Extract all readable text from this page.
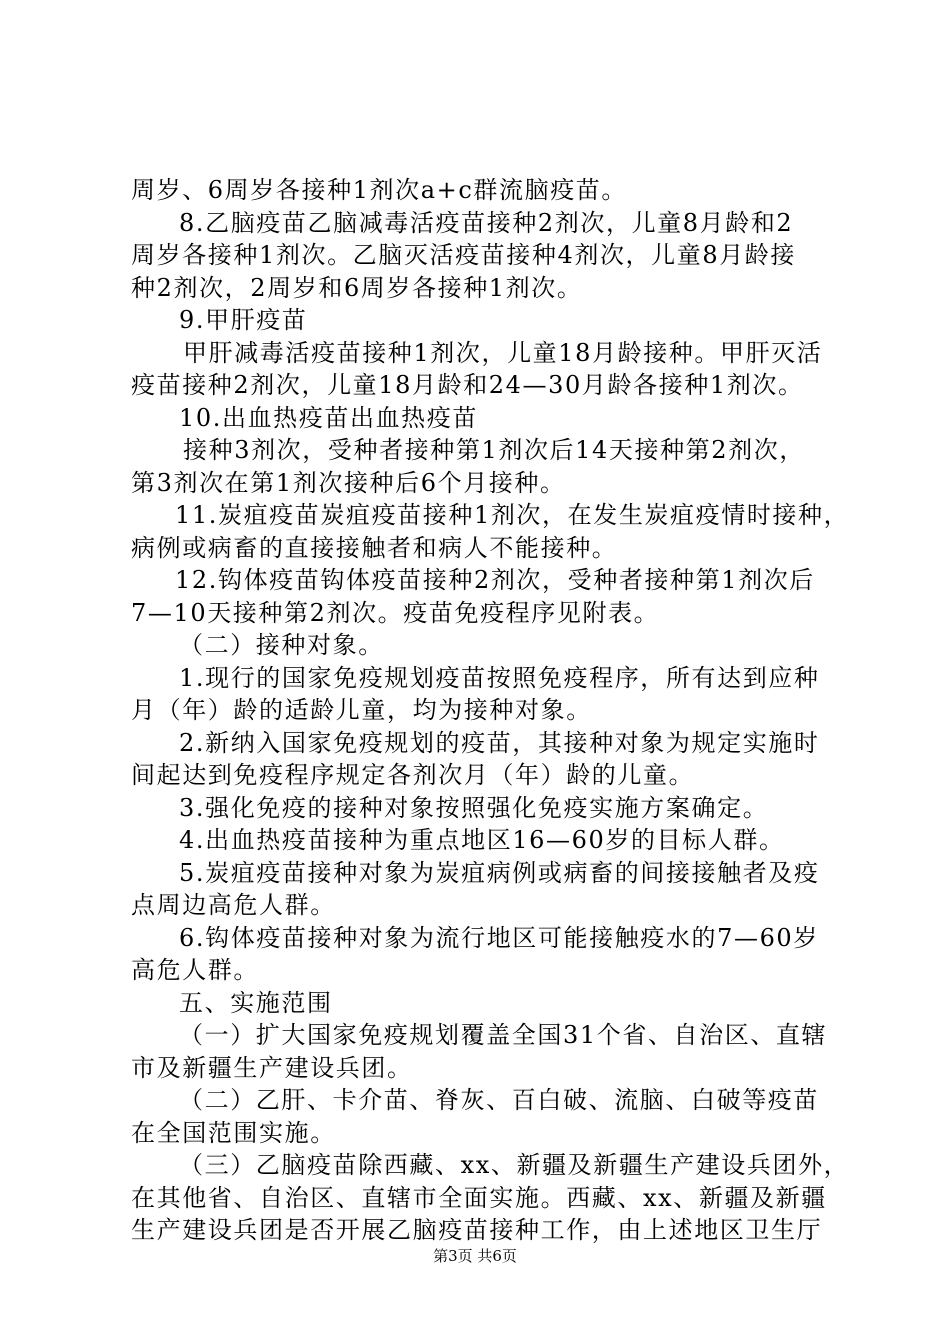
周岁、6周岁各接种1剂次a+c群流脑疫苗。
8.乙脑疫苗乙脑减毒活疫苗接种2剂次，儿童8月龄和2
周岁各接种1剂次。乙脑灭活疫苗接种4剂次，儿童8月龄接
种2剂次，2周岁和6周岁各接种1剂次。
9.甲肝疫苗
甲肝减毒活疫苗接种1剂次，儿童18月龄接种。甲肝灭活
疫苗接种2剂次，儿童18月龄和24—30月龄各接种1剂次。
10.出血热疫苗出血热疫苗
接种3剂次，受种者接种第1剂次后14天接种第2剂次，
第3剂次在第1剂次接种后6个月接种。
11.炭疽疫苗炭疽疫苗接种1剂次，在发生炭疽疫情时接种，
病例或病畜的直接接触者和病人不能接种。
12.钩体疫苗钩体疫苗接种2剂次，受种者接种第1剂次后
7—10天接种第2剂次。疫苗免疫程序见附表。
（二）接种对象。
1.现行的国家免疫规划疫苗按照免疫程序，所有达到应种
月（年）龄的适龄儿童，均为接种对象。
2.新纳入国家免疫规划的疫苗，其接种对象为规定实施时
间起达到免疫程序规定各剂次月（年）龄的儿童。
3.强化免疫的接种对象按照强化免疫实施方案确定。
4.出血热疫苗接种为重点地区16—60岁的目标人群。
5.炭疽疫苗接种对象为炭疽病例或病畜的间接接触者及疫
点周边高危人群。
6.钩体疫苗接种对象为流行地区可能接触疫水的7—60岁
高危人群。
五、实施范围
（一）扩大国家免疫规划覆盖全国31个省、自治区、直辖
市及新疆生产建设兵团。
（二）乙肝、卡介苗、脊灰、百白破、流脑、白破等疫苗
在全国范围实施。
（三）乙脑疫苗除西藏、xx、新疆及新疆生产建设兵团外，
在其他省、自治区、直辖市全面实施。西藏、xx、新疆及新疆
生产建设兵团是否开展乙脑疫苗接种工作，由上述地区卫生厅
第3页 共6页
